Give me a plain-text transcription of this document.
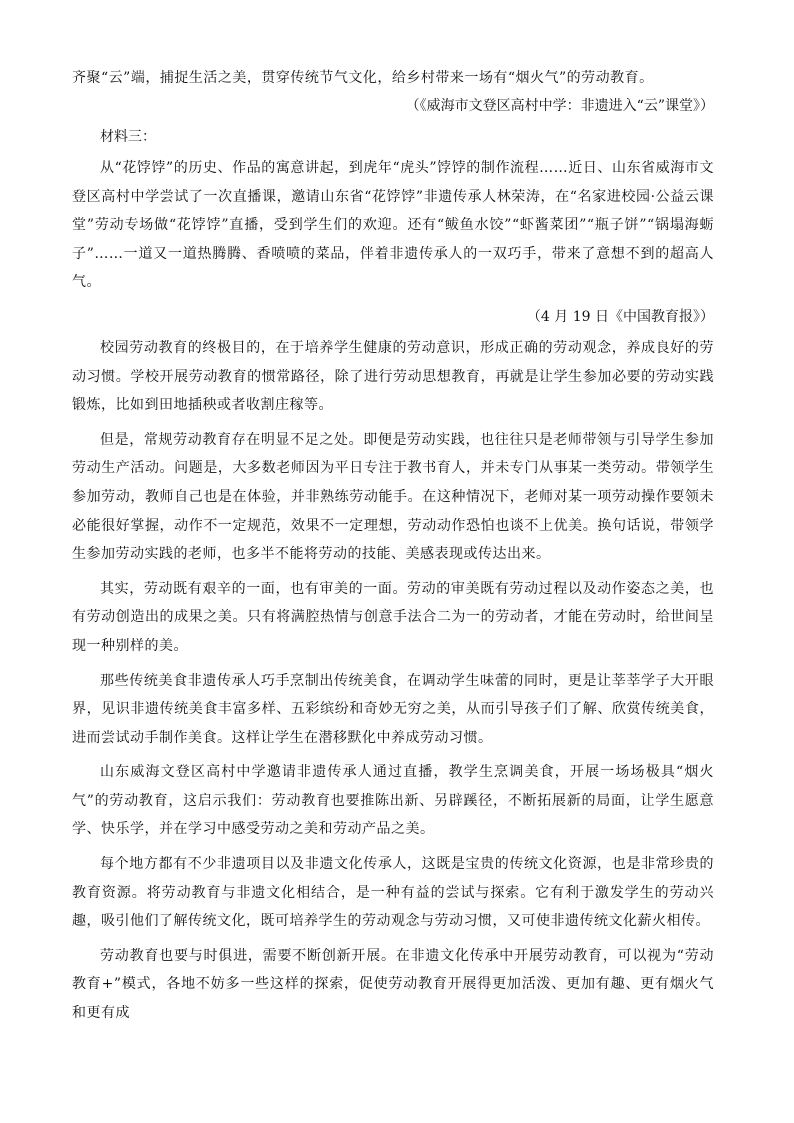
齐聚“云”端，捕捉生活之美，贯穿传统节气文化，给乡村带来一场有“烟火气”的劳动教育。

（《威海市文登区高村中学：非遗进入“云”课堂》）

材料三：

从“花饽饽”的历史、作品的寓意讲起，到虎年“虎头”饽饽的制作流程……近日、山东省威海市文登区高村中学尝试了一次直播课，邀请山东省“花饽饽”非遗传承人林荣涛，在“名家进校园·公益云课堂”劳动专场做“花饽饽”直播，受到学生们的欢迎。还有“鲅鱼水饺”“虾酱菜团”“瓶子饼”“锅塌海蛎子”……一道又一道热腾腾、香喷喷的菜品，伴着非遗传承人的一双巧手，带来了意想不到的超高人气。

（4 月 19 日《中国教育报》）

校园劳动教育的终极目的，在于培养学生健康的劳动意识，形成正确的劳动观念，养成良好的劳动习惯。学校开展劳动教育的惯常路径，除了进行劳动思想教育，再就是让学生参加必要的劳动实践锻炼，比如到田地插秧或者收割庄稼等。

但是，常规劳动教育存在明显不足之处。即便是劳动实践，也往往只是老师带领与引导学生参加劳动生产活动。问题是，大多数老师因为平日专注于教书育人，并未专门从事某一类劳动。带领学生参加劳动，教师自己也是在体验，并非熟练劳动能手。在这种情况下，老师对某一项劳动操作要领未必能很好掌握，动作不一定规范，效果不一定理想，劳动动作恐怕也谈不上优美。换句话说，带领学生参加劳动实践的老师，也多半不能将劳动的技能、美感表现或传达出来。

其实，劳动既有艰辛的一面，也有审美的一面。劳动的审美既有劳动过程以及动作姿态之美，也有劳动创造出的成果之美。只有将满腔热情与创意手法合二为一的劳动者，才能在劳动时，给世间呈现一种别样的美。

那些传统美食非遗传承人巧手烹制出传统美食，在调动学生味蕾的同时，更是让莘莘学子大开眼界，见识非遗传统美食丰富多样、五彩缤纷和奇妙无穷之美，从而引导孩子们了解、欣赏传统美食，进而尝试动手制作美食。这样让学生在潜移默化中养成劳动习惯。

山东威海文登区高村中学邀请非遗传承人通过直播，教学生烹调美食，开展一场场极具“烟火气”的劳动教育，这启示我们：劳动教育也要推陈出新、另辟蹊径，不断拓展新的局面，让学生愿意学、快乐学，并在学习中感受劳动之美和劳动产品之美。

每个地方都有不少非遗项目以及非遗文化传承人，这既是宝贵的传统文化资源，也是非常珍贵的教育资源。将劳动教育与非遗文化相结合，是一种有益的尝试与探索。它有利于激发学生的劳动兴趣，吸引他们了解传统文化，既可培养学生的劳动观念与劳动习惯，又可使非遗传统文化薪火相传。

劳动教育也要与时俱进，需要不断创新开展。在非遗文化传承中开展劳动教育，可以视为“劳动教育+”模式，各地不妨多一些这样的探索，促使劳动教育开展得更加活泼、更加有趣、更有烟火气和更有成
